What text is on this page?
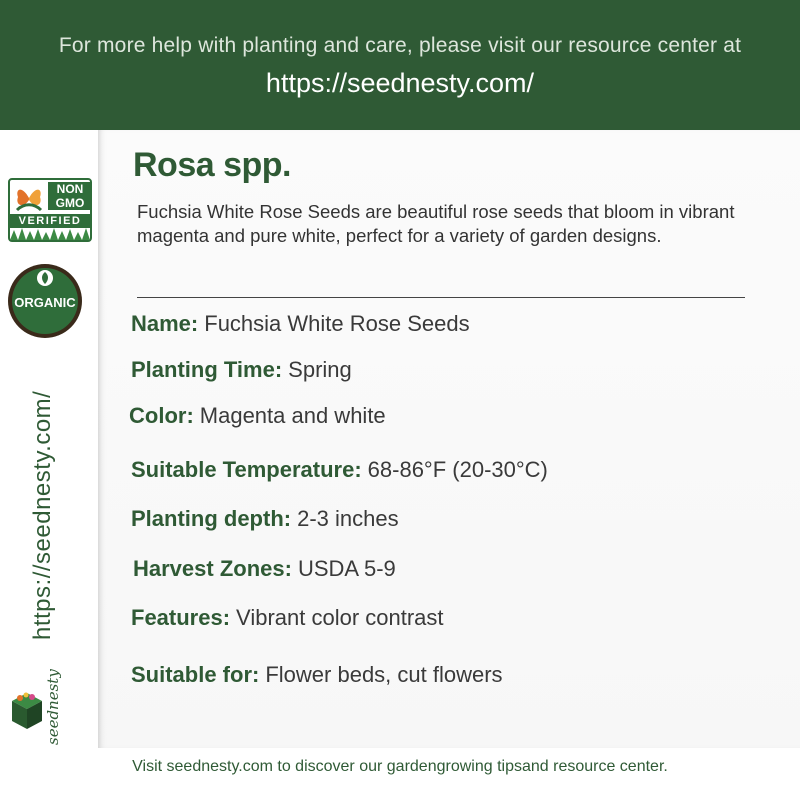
For more help with planting and care, please visit our resource center at
https://seednesty.com/
NON GMO
VERIFIED
ORGANIC
https://seednesty.com/
seednesty
Rosa spp.
Fuchsia White Rose Seeds are beautiful rose seeds that bloom in vibrant magenta and pure white, perfect for a variety of garden designs.
Name: Fuchsia White Rose Seeds
Planting Time: Spring
Color: Magenta and white
Suitable Temperature: 68-86°F (20-30°C)
Planting depth: 2-3 inches
Harvest Zones: USDA 5-9
Features: Vibrant color contrast
Suitable for: Flower beds, cut flowers
Visit seednesty.com to discover our gardengrowing tipsand resource center.
